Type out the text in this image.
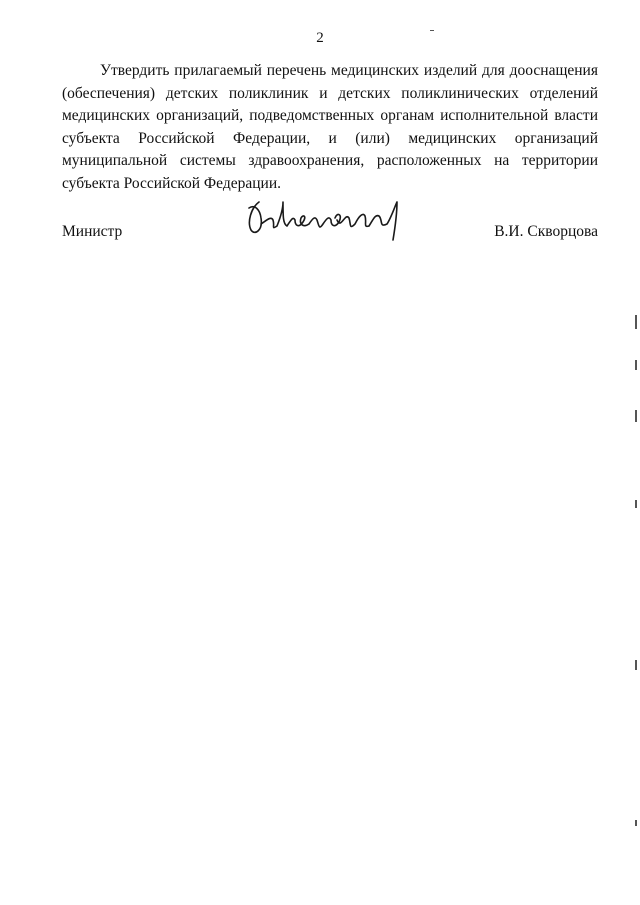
2

Утвердить прилагаемый перечень медицинских изделий для дооснащения (обеспечения) детских поликлиник и детских поликлинических отделений медицинских организаций, подведомственных органам исполнительной власти субъекта Российской Федерации, и (или) медицинских организаций муниципальной системы здравоохранения, расположенных на территории субъекта Российской Федерации.

Министр	В.И. Скворцова
